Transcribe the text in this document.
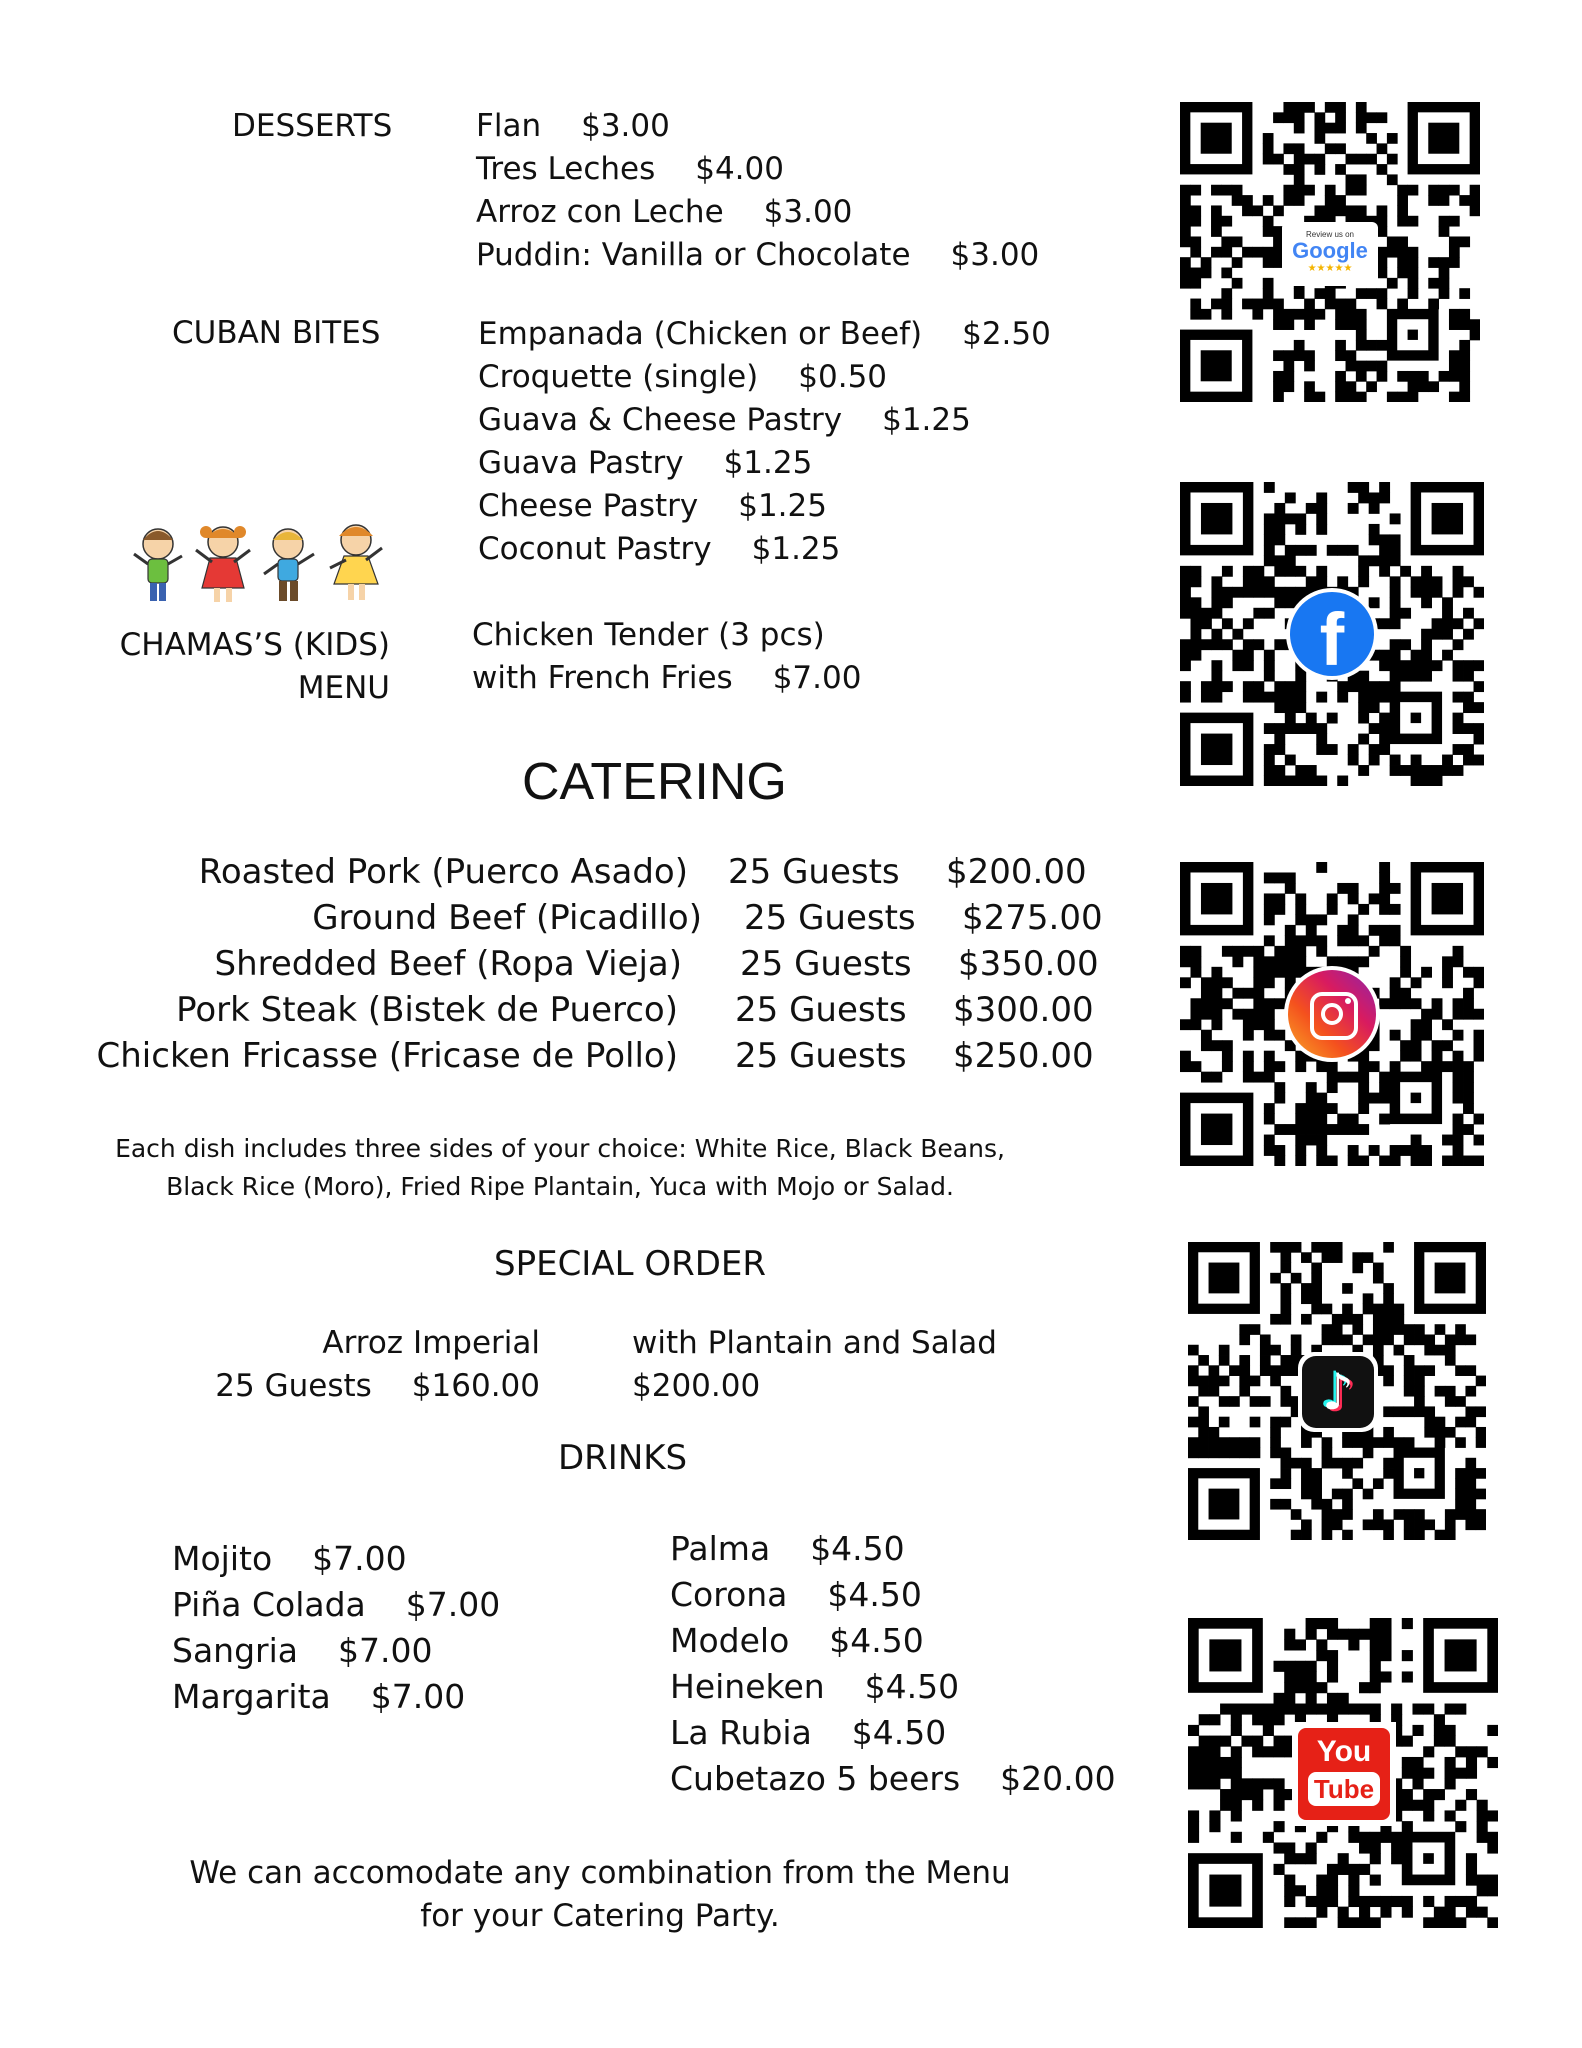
DESSERTS	Flan $3.00
Tres Leches $4.00
Arroz con Leche $3.00
Puddin: Vanilla or Chocolate $3.00
CUBAN BITES	Empanada (Chicken or Beef) $2.50
Croquette (single) $0.50
Guava & Cheese Pastry $1.25
Guava Pastry $1.25
Cheese Pastry $1.25
Coconut Pastry $1.25
CHAMAS’S (KIDS)
MENU
Chicken Tender (3 pcs)
with French Fries $7.00
CATERING
Roasted Pork (Puerco Asado) 25 Guests $200.00
Ground Beef (Picadillo) 25 Guests $275.00
Shredded Beef (Ropa Vieja) 25 Guests $350.00
Pork Steak (Bistek de Puerco) 25 Guests $300.00
Chicken Fricasse (Fricase de Pollo) 25 Guests $250.00
Each dish includes three sides of your choice: White Rice, Black Beans,
Black Rice (Moro), Fried Ripe Plantain, Yuca with Mojo or Salad.
SPECIAL ORDER
Arroz Imperial
25 Guests $160.00
with Plantain and Salad
$200.00
DRINKS
Mojito $7.00
Piña Colada $7.00
Sangria $7.00
Margarita $7.00
Palma $4.50
Corona $4.50
Modelo $4.50
Heineken $4.50
La Rubia $4.50
Cubetazo 5 beers $20.00
We can accomodate any combination from the Menu
for your Catering Party.
Review us on
Google
★★★★★
f
♪
You
Tube
